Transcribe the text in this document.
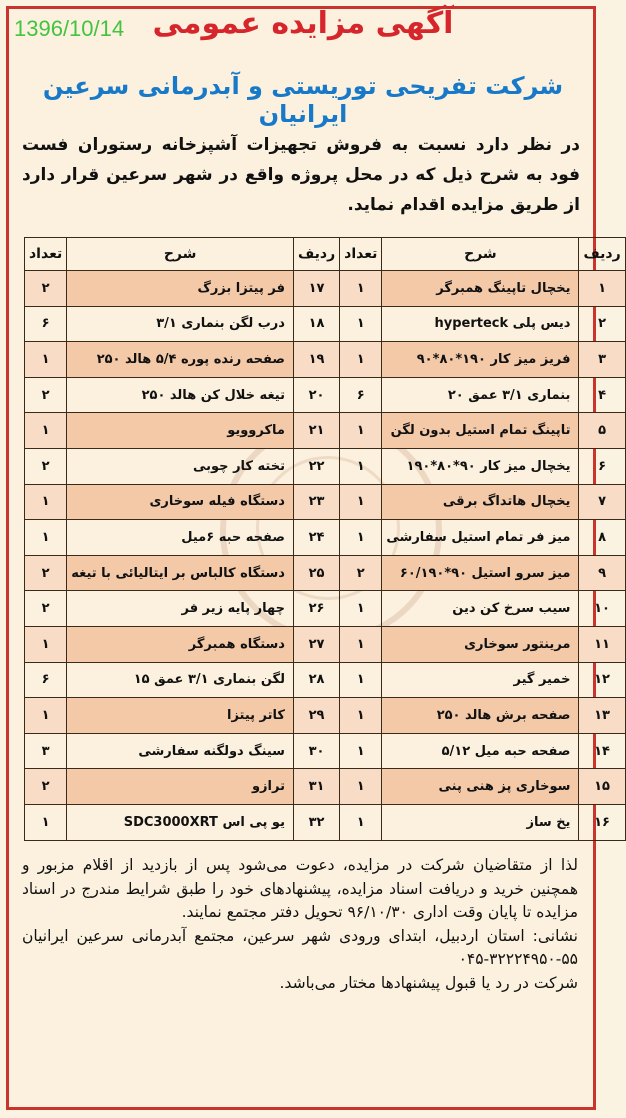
1396/10/14 آگهی مزایده عمومی
شرکت تفریحی توریستی و آبدرمانی سرعین ایرانیان
در نظر دارد نسبت به فروش تجهیزات آشپزخانه رستوران فست فود به شرح ذیل که در محل پروژه واقع در شهر سرعین قرار دارد از طریق مزایده اقدام نماید.
ردیف	شرح	تعداد	ردیف	شرح	تعداد
۱	یخچال تاپینگ همبرگر	۱	۱۷	فر پیتزا بزرگ	۲
۲	دیس پلی hyperteck	۱	۱۸	درب لگن بنماری ۳/۱	۶
۳	فریز میز کار ۱۹۰*۸۰*۹۰	۱	۱۹	صفحه رنده پوره ۵/۴ هالد ۲۵۰	۱
۴	بنماری ۳/۱ عمق ۲۰	۶	۲۰	تیغه خلال کن هالد ۲۵۰	۲
۵	تاپینگ تمام استیل بدون لگن	۱	۲۱	ماکروویو	۱
۶	یخچال میز کار ۹۰*۸۰*۱۹۰	۱	۲۲	تخته کار چوبی	۲
۷	یخچال هاتداگ برقی	۱	۲۳	دستگاه فیله سوخاری	۱
۸	میز فر تمام استیل سفارشی	۱	۲۴	صفحه حبه ۶میل	۱
۹	میز سرو استیل ۹۰*۶۰/۱۹۰	۲	۲۵	دستگاه کالباس بر ایتالیائی با تیغه	۲
۱۰	سیب سرخ کن دین	۱	۲۶	چهار پایه زیر فر	۲
۱۱	مرینتور سوخاری	۱	۲۷	دستگاه همبرگر	۱
۱۲	خمیر گیر	۱	۲۸	لگن بنماری ۳/۱ عمق ۱۵	۶
۱۳	صفحه برش هالد ۲۵۰	۱	۲۹	کاتر پیتزا	۱
۱۴	صفحه حبه میل ۵/۱۲	۱	۳۰	سینگ دولگنه سفارشی	۳
۱۵	سوخاری پز هنی پنی	۱	۳۱	ترازو	۲
۱۶	یخ ساز	۱	۳۲	یو پی اس SDC3000XRT	۱

لذا از متقاضیان شرکت در مزایده، دعوت می‌شود پس از بازدید از اقلام مزبور و همچنین خرید و دریافت اسناد مزایده، پیشنهادهای خود را طبق شرایط مندرج در اسناد مزایده تا پایان وقت اداری ۹۶/۱۰/۳۰ تحویل دفتر مجتمع نمایند.

نشانی: استان اردبیل، ابتدای ورودی شهر سرعین، مجتمع آبدرمانی سرعین ایرانیان ۵۵-۳۲۲۲۴۹۵۰-۰۴۵

شرکت در رد یا قبول پیشنهادها مختار می‌باشد.
